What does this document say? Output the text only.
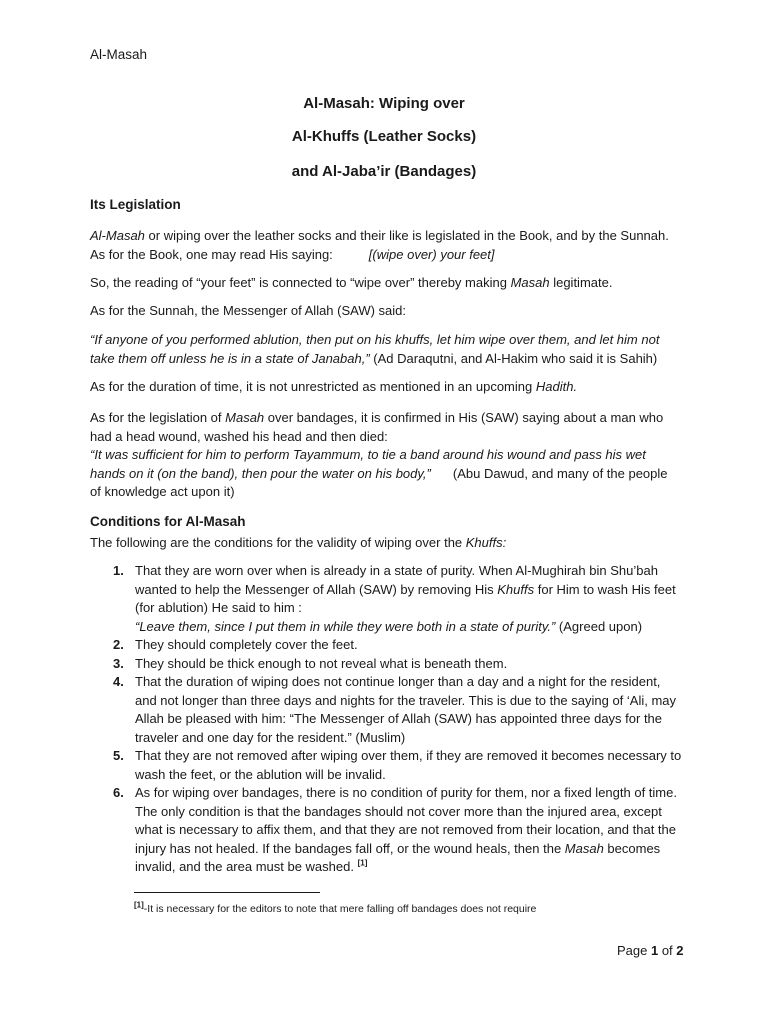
Al-Masah
Al-Masah: Wiping over
Al-Khuffs (Leather Socks)
and Al-Jaba’ir (Bandages)
Its Legislation

Al-Masah or wiping over the leather socks and their like is legislated in the Book, and by the Sunnah. As for the Book, one may read His saying:	[(wipe over) your feet]

So, the reading of “your feet” is connected to “wipe over” thereby making Masah legitimate.

As for the Sunnah, the Messenger of Allah (SAW) said:

“If anyone of you performed ablution, then put on his khuffs, let him wipe over them, and let him not take them off unless he is in a state of Janabah,” (Ad Daraqutni, and Al-Hakim who said it is Sahih)

As for the duration of time, it is not unrestricted as mentioned in an upcoming Hadith.

As for the legislation of Masah over bandages, it is confirmed in His (SAW) saying about a man who had a head wound, washed his head and then died:
“It was sufficient for him to perform Tayammum, to tie a band around his wound and pass his wet hands on it (on the band), then pour the water on his body,” (Abu Dawud, and many of the people of knowledge act upon it)

Conditions for Al-Masah

The following are the conditions for the validity of wiping over the Khuffs:

1. That they are worn over when is already in a state of purity. When Al-Mughirah bin Shu’bah wanted to help the Messenger of Allah (SAW) by removing His Khuffs for Him to wash His feet (for ablution) He said to him :
“Leave them, since I put them in while they were both in a state of purity.” (Agreed upon)
2. They should completely cover the feet.
3. They should be thick enough to not reveal what is beneath them.
4. That the duration of wiping does not continue longer than a day and a night for the resident, and not longer than three days and nights for the traveler. This is due to the saying of ‘Ali, may Allah be pleased with him: “The Messenger of Allah (SAW) has appointed three days for the traveler and one day for the resident.” (Muslim)
5. That they are not removed after wiping over them, if they are removed it becomes necessary to wash the feet, or the ablution will be invalid.
6. As for wiping over bandages, there is no condition of purity for them, nor a fixed length of time. The only condition is that the bandages should not cover more than the injured area, except what is necessary to affix them, and that they are not removed from their location, and that the injury has not healed. If the bandages fall off, or the wound heals, then the Masah becomes invalid, and the area must be washed. [1]
[1]-It is necessary for the editors to note that mere falling off bandages does not require
Page 1 of 2
